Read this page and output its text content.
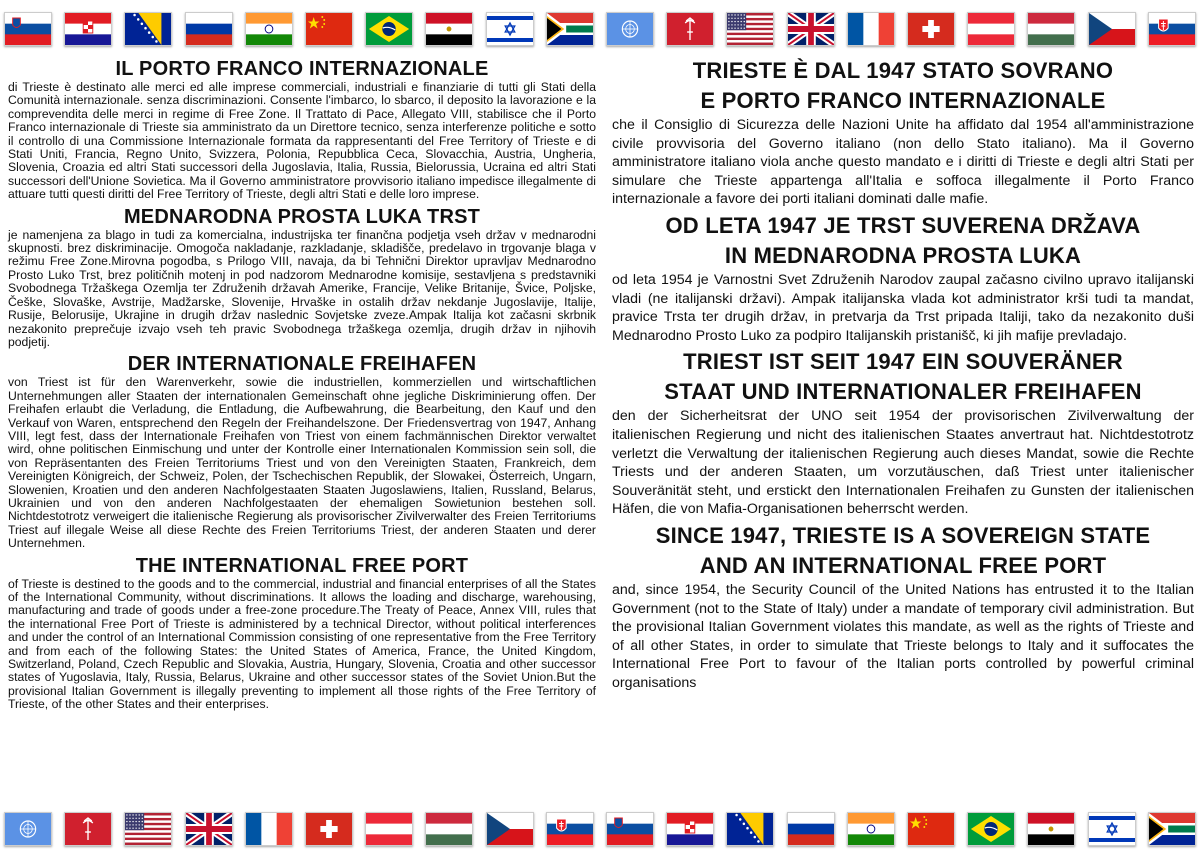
IL PORTO FRANCO INTERNAZIONALE

di Trieste è destinato alle merci ed alle imprese commerciali, industriali e finanziarie di tutti gli Stati della Comunità internazionale. senza discriminazioni. Consente l'imbarco, lo sbarco, il deposito la lavorazione e la comprevendita delle merci in regime di Free Zone. Il Trattato di Pace, Allegato VIII, stabilisce che il Porto Franco internazionale di Trieste sia amministrato da un Direttore tecnico, senza interferenze politiche e sotto il controllo di una Commissione Internazionale formata da rappresentanti del Free Territory of Trieste e di Stati Uniti, Francia, Regno Unito, Svizzera, Polonia, Repubblica Ceca, Slovacchia, Austria, Ungheria, Slovenia, Croazia ed altri Stati successori della Jugoslavia, Italia, Russia, Bielorussia, Ucraina ed altri Stati successori dell'Unione Sovietica. Ma il Governo amministratore provvisorio italiano impedisce illegalmente di attuare tutti questi diritti del Free Territory of Trieste, degli altri Stati e delle loro imprese.

MEDNARODNA PROSTA LUKA TRST

je namenjena za blago in tudi za komercialna, industrijska ter finančna podjetja vseh držav v mednarodni skupnosti. brez diskriminacije. Omogoča nakladanje, razkladanje, skladišče, predelavo in trgovanje blaga v režimu Free Zone.Mirovna pogodba, s Prilogo VIII, navaja, da bi Tehnični Direktor upravljav Mednarodno Prosto Luko Trst, brez političnih motenj in pod nadzorom Mednarodne komisije, sestavljena s predstavniki Svobodnega Tržaškega Ozemlja ter Združenih državah Amerike, Francije, Velike Britanije, Švice, Poljske, Češke, Slovaške, Avstrije, Madžarske, Slovenije, Hrvaške in ostalih držav nekdanje Jugoslavije, Italije, Rusije, Belorusije, Ukrajine in drugih držav naslednic Sovjetske zveze.Ampak Italija kot začasni skrbnik nezakonito preprečuje izvajo vseh teh pravic Svobodnega tržaškega ozemlja, drugih držav in njihovih podjetij.

DER INTERNATIONALE FREIHAFEN

von Triest ist für den Warenverkehr, sowie die industriellen, kommerziellen und wirtschaftlichen Unternehmungen aller Staaten der internationalen Gemeinschaft ohne jegliche Diskriminierung offen. Der Freihafen erlaubt die Verladung, die Entladung, die Aufbewahrung, die Bearbeitung, den Kauf und den Verkauf von Waren, entsprechend den Regeln der Freihandelszone. Der Friedensvertrag von 1947, Anhang VIII, legt fest, dass der Internationale Freihafen von Triest von einem fachmännischen Direktor verwaltet wird, ohne politischen Einmischung und unter der Kontrolle einer Internationalen Kommission sein soll, die von Repräsentanten des Freien Territoriums Triest und von den Vereinigten Staaten, Frankreich, dem Vereinigten Königreich, der Schweiz, Polen, der Tschechischen Republik, der Slowakei, Österreich, Ungarn, Slowenien, Kroatien und den anderen Nachfolgestaaten Staaten Jugoslawiens, Italien, Russland, Belarus, Ukrainien und von den anderen Nachfolgestaaten der ehemaligen Sowietunion bestehen soll. Nichtdestotrotz verweigert die italienische Regierung als provisorischer Zivilverwalter des Freien Territoriums Triest auf illegale Weise all diese Rechte des Freien Territoriums Triest, der anderen Staaten und derer Unternehmen.

THE INTERNATIONAL FREE PORT

of Trieste is destined to the goods and to the commercial, industrial and financial enterprises of all the States of the International Community, without discriminations. It allows the loading and discharge, warehousing, manufacturing and trade of goods under a free-zone procedure.The Treaty of Peace, Annex VIII, rules that the international Free Port of Trieste is administered by a technical Director, without political interferences and under the control of an International Commission consisting of one representative from the Free Territory and from each of the following States: the United States of America, France, the United Kingdom, Switzerland, Poland, Czech Republic and Slovakia, Austria, Hungary, Slovenia, Croatia and other successor states of Yugoslavia, Italy, Russia, Belarus, Ukraine and other successor states of the Soviet Union.But the provisional Italian Government is illegally preventing to implement all those rights of the Free Territory of Trieste, of the other States and their enterprises.

TRIESTE È DAL 1947 STATO SOVRANO
E PORTO FRANCO INTERNAZIONALE

che il Consiglio di Sicurezza delle Nazioni Unite ha affidato dal 1954 all'amministrazione civile provvisoria del Governo italiano (non dello Stato italiano). Ma il Governo amministratore italiano viola anche questo mandato e i diritti di Trieste e degli altri Stati per simulare che Trieste appartenga all'Italia e soffoca illegalmente il Porto Franco internazionale a favore dei porti italiani dominati dalle mafie.

OD LETA 1947 JE TRST SUVERENA DRŽAVA
IN MEDNARODNA PROSTA LUKA

od leta 1954 je Varnostni Svet Združenih Narodov zaupal začasno civilno upravo italijanski vladi (ne italijanski državi). Ampak italijanska vlada kot administrator krši tudi ta mandat, pravice Trsta ter drugih držav, in pretvarja da Trst pripada Italiji, tako da nezakonito duši Mednarodno Prosto Luko za podpiro Italijanskih pristanišč, ki jih mafije prevladajo.

TRIEST IST SEIT 1947 EIN SOUVERÄNER
STAAT UND INTERNATIONALER FREIHAFEN

den der Sicherheitsrat der UNO seit 1954 der provisorischen Zivilverwaltung der italienischen Regierung und nicht des italienischen Staates anvertraut hat. Nichtdestotrotz verletzt die Verwaltung der italienischen Regierung auch dieses Mandat, sowie die Rechte Triests und der anderen Staaten, um vorzutäuschen, daß Triest unter italienischer Souveränität steht, und erstickt den Internationalen Freihafen zu Gunsten der italienischen Häfen, die von Mafia-Organisationen beherrscht werden.

SINCE 1947, TRIESTE IS A SOVEREIGN STATE
AND AN INTERNATIONAL FREE PORT

and, since 1954, the Security Council of the United Nations has entrusted it to the Italian Government (not to the State of Italy) under a mandate of temporary civil administration. But the provisional Italian Government violates this mandate, as well as the rights of Trieste and of all other States, in order to simulate that Trieste belongs to Italy and it suffocates the International Free Port to favour of the Italian ports controlled by powerful criminal organisations
